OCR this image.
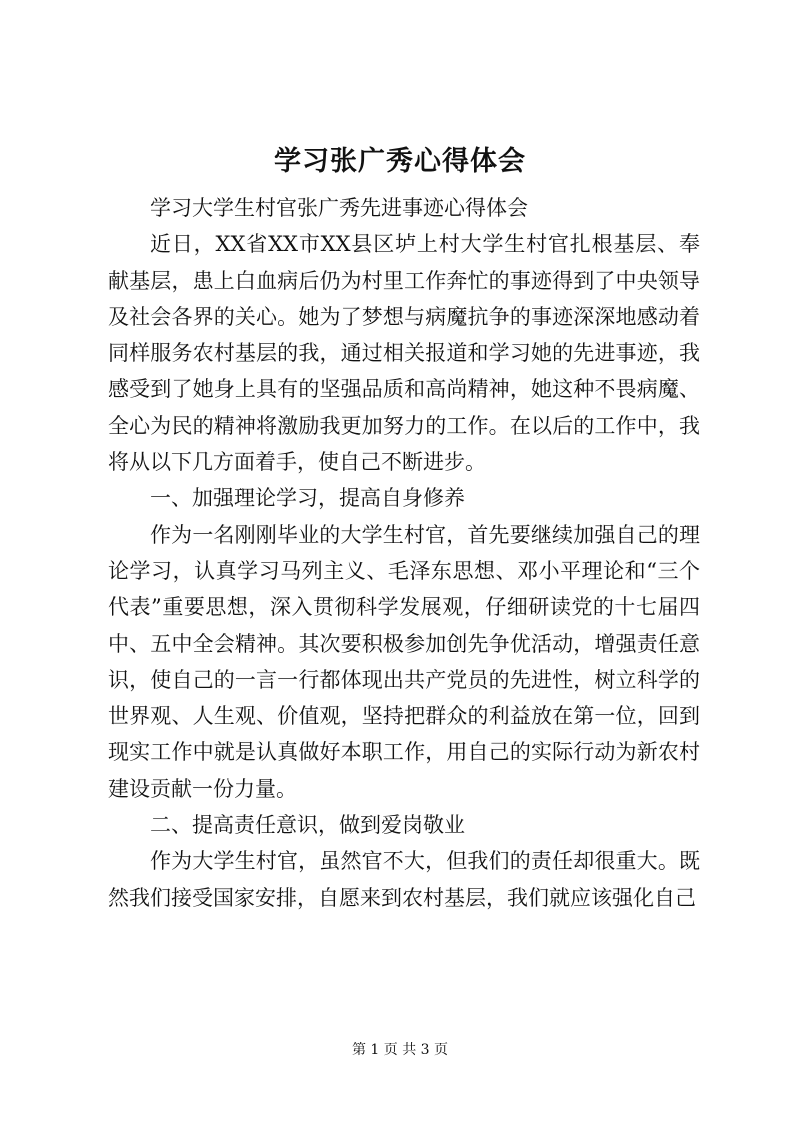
学习张广秀心得体会

学习大学生村官张广秀先进事迹心得体会

近日，XX省XX市XX县区垆上村大学生村官扎根基层、奉献基层，患上白血病后仍为村里工作奔忙的事迹得到了中央领导及社会各界的关心。她为了梦想与病魔抗争的事迹深深地感动着同样服务农村基层的我，通过相关报道和学习她的先进事迹，我感受到了她身上具有的坚强品质和高尚精神，她这种不畏病魔、全心为民的精神将激励我更加努力的工作。在以后的工作中，我将从以下几方面着手，使自己不断进步。

一、加强理论学习，提高自身修养

作为一名刚刚毕业的大学生村官，首先要继续加强自己的理论学习，认真学习马列主义、毛泽东思想、邓小平理论和“三个代表”重要思想，深入贯彻科学发展观，仔细研读党的十七届四中、五中全会精神。其次要积极参加创先争优活动，增强责任意识，使自己的一言一行都体现出共产党员的先进性，树立科学的世界观、人生观、价值观，坚持把群众的利益放在第一位，回到现实工作中就是认真做好本职工作，用自己的实际行动为新农村建设贡献一份力量。

二、提高责任意识，做到爱岗敬业

作为大学生村官，虽然官不大，但我们的责任却很重大。既然我们接受国家安排，自愿来到农村基层，我们就应该强化自己

第 1 页 共 3 页
